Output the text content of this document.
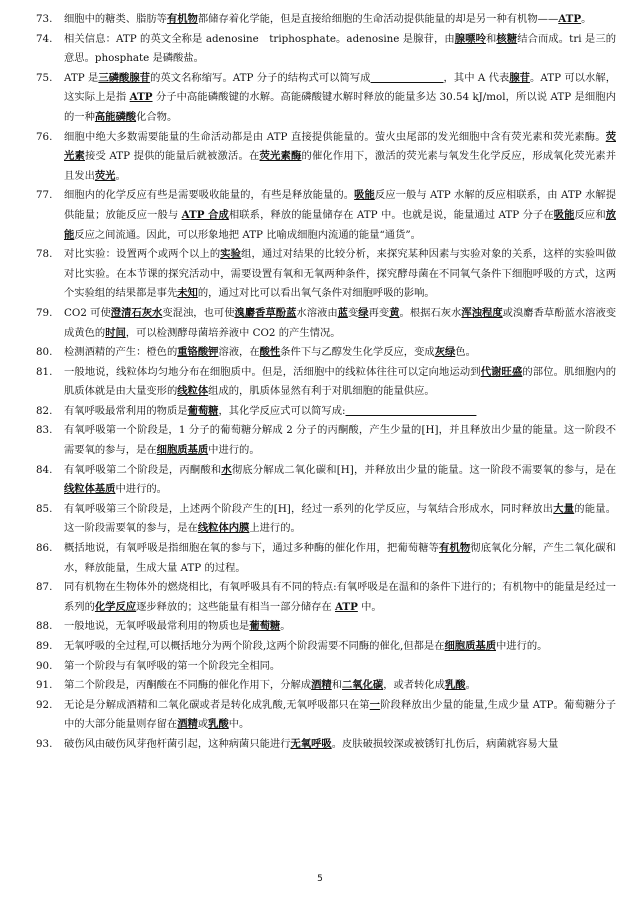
73.	细胞中的糖类、脂肪等有机物都储存着化学能，但是直接给细胞的生命活动提供能量的却是另一种有机物——ATP。
74.	相关信息：ATP 的英文全称是 adenosine　triphosphate。adenosine 是腺苷，由腺嘌呤和核糖结合而成。tri 是三的意思。phosphate 是磷酸盐。
75.	ATP 是三磷酸腺苷的英文名称缩写。ATP 分子的结构式可以简写成	，其中 A 代表腺苷。ATP 可以水解，这实际上是指 ATP 分子中高能磷酸键的水解。高能磷酸键水解时释放的能量多达 30.54 kJ/mol，所以说 ATP 是细胞内的一种高能磷酸化合物。
76.	细胞中绝大多数需要能量的生命活动都是由 ATP 直接提供能量的。萤火虫尾部的发光细胞中含有荧光素和荧光素酶。荧光素接受 ATP 提供的能量后就被激活。在荧光素酶的催化作用下，激活的荧光素与氧发生化学反应，形成氧化荧光素并且发出荧光。
77.	细胞内的化学反应有些是需要吸收能量的，有些是释放能量的。吸能反应一般与 ATP 水解的反应相联系，由 ATP 水解提供能量；放能反应一般与 ATP 合成相联系，释放的能量储存在 ATP 中。也就是说，能量通过 ATP 分子在吸能反应和放能反应之间流通。因此，可以形象地把 ATP 比喻成细胞内流通的能量“通货”。
78.	对比实验：设置两个或两个以上的实验组，通过对结果的比较分析，来探究某种因素与实验对象的关系，这样的实验叫做对比实验。在本节课的探究活动中，需要设置有氧和无氧两种条件，探究酵母菌在不同氧气条件下细胞呼吸的方式，这两个实验组的结果都是事先未知的，通过对比可以看出氧气条件对细胞呼吸的影响。
79.	CO2 可使澄清石灰水变混浊，也可使溴麝香草酚蓝水溶液由蓝变绿再变黄。根据石灰水浑浊程度或溴麝香草酚蓝水溶液变成黄色的时间，可以检测酵母菌培养液中 CO2 的产生情况。
80.	检测酒精的产生：橙色的重铬酸钾溶液，在酸性条件下与乙醇发生化学反应，变成灰绿色。
81.	一般地说，线粒体均匀地分布在细胞质中。但是，活细胞中的线粒体往往可以定向地运动到代谢旺盛的部位。肌细胞内的肌质体就是由大量变形的线粒体组成的，肌质体显然有利于对肌细胞的能量供应。
82.	有氧呼吸最常利用的物质是葡萄糖，其化学反应式可以简写成:
83.	有氧呼吸第一个阶段是，1 分子的葡萄糖分解成 2 分子的丙酮酸，产生少量的[H]，并且释放出少量的能量。这一阶段不需要氧的参与，是在细胞质基质中进行的。
84.	有氧呼吸第二个阶段是，丙酮酸和水彻底分解成二氧化碳和[H]，并释放出少量的能量。这一阶段不需要氧的参与，是在线粒体基质中进行的。
85.	有氧呼吸第三个阶段是，上述两个阶段产生的[H]，经过一系列的化学反应，与氧结合形成水，同时释放出大量的能量。这一阶段需要氧的参与，是在线粒体内膜上进行的。
86.	概括地说，有氧呼吸是指细胞在氧的参与下，通过多种酶的催化作用，把葡萄糖等有机物彻底氧化分解，产生二氧化碳和水，释放能量，生成大量 ATP 的过程。
87.	同有机物在生物体外的燃烧相比，有氧呼吸具有不同的特点:有氧呼吸是在温和的条件下进行的；有机物中的能量是经过一系列的化学反应逐步释放的；这些能量有相当一部分储存在 ATP 中。
88.	一般地说，无氧呼吸最常利用的物质也是葡萄糖。
89.	无氧呼吸的全过程,可以概括地分为两个阶段,这两个阶段需要不同酶的催化,但都是在细胞质基质中进行的。
90.	第一个阶段与有氧呼吸的第一个阶段完全相同。
91.	第二个阶段是，丙酮酸在不同酶的催化作用下，分解成酒精和二氧化碳，或者转化成乳酸。
92.	无论是分解成酒精和二氧化碳或者是转化成乳酸,无氧呼吸都只在第一阶段释放出少量的能量,生成少量 ATP。葡萄糖分子中的大部分能量则存留在酒精或乳酸中。
93.	破伤风由破伤风芽孢杆菌引起，这种病菌只能进行无氧呼吸。皮肤破损较深或被锈钉扎伤后，病菌就容易大量
5
